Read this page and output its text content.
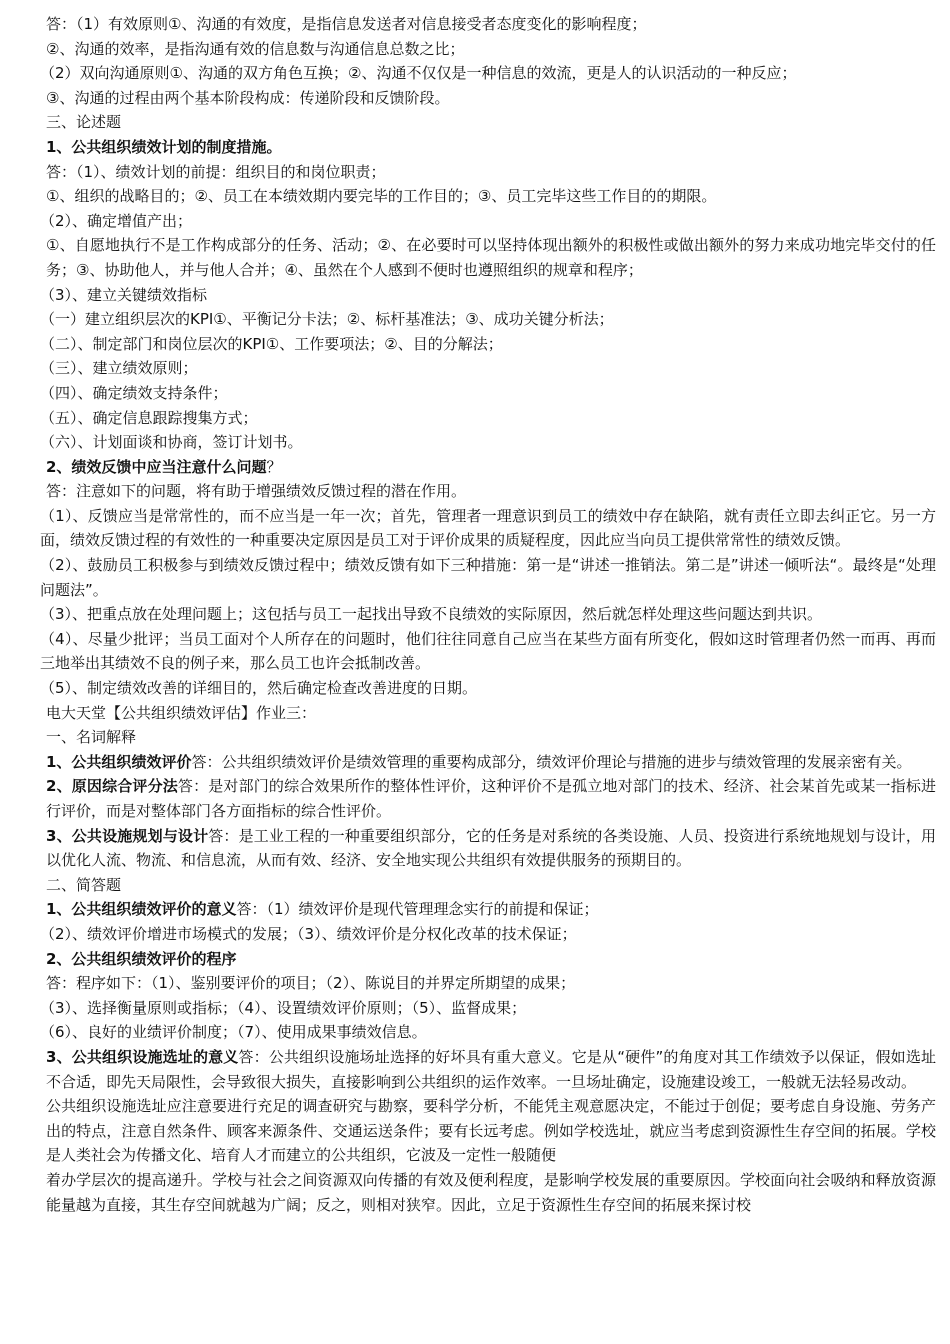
答：（1）有效原则①、沟通的有效度，是指信息发送者对信息接受者态度变化的影响程度；

②、沟通的效率，是指沟通有效的信息数与沟通信息总数之比；

（2）双向沟通原则①、沟通的双方角色互换；②、沟通不仅仅是一种信息的效流，更是人的认识活动的一种反应；

③、沟通的过程由两个基本阶段构成：传递阶段和反馈阶段。

三、论述题

1、公共组织绩效计划的制度措施。

答：（1）、绩效计划的前提：组织目的和岗位职责；

①、组织的战略目的；②、员工在本绩效期内要完毕的工作目的；③、员工完毕这些工作目的的期限。

（2）、确定增值产出；

①、自愿地执行不是工作构成部分的任务、活动；②、在必要时可以坚持体现出额外的积极性或做出额外的努力来成功地完毕交付的任务；③、协助他人，并与他人合并；④、虽然在个人感到不便时也遵照组织的规章和程序；

（3）、建立关键绩效指标

（一）建立组织层次的KPI①、平衡记分卡法；②、标杆基准法；③、成功关键分析法；

（二）、制定部门和岗位层次的KPI①、工作要项法；②、目的分解法；

（三）、建立绩效原则；

（四）、确定绩效支持条件；

（五）、确定信息跟踪搜集方式；

（六）、计划面谈和协商，签订计划书。

2、绩效反馈中应当注意什么问题？

答：注意如下的问题，将有助于增强绩效反馈过程的潜在作用。

（1）、反馈应当是常常性的，而不应当是一年一次；首先，管理者一理意识到员工的绩效中存在缺陷，就有责任立即去纠正它。另一方面，绩效反馈过程的有效性的一种重要决定原因是员工对于评价成果的质疑程度，因此应当向员工提供常常性的绩效反馈。

（2）、鼓励员工积极参与到绩效反馈过程中；绩效反馈有如下三种措施：第一是“讲述一推销法。第二是”讲述一倾听法“。最终是“处理问题法”。

（3）、把重点放在处理问题上；这包括与员工一起找出导致不良绩效的实际原因，然后就怎样处理这些问题达到共识。

（4）、尽量少批评；当员工面对个人所存在的问题时，他们往往同意自己应当在某些方面有所变化，假如这时管理者仍然一而再、再而三地举出其绩效不良的例子来，那么员工也许会抵制改善。

（5）、制定绩效改善的详细目的，然后确定检查改善进度的日期。

电大天堂【公共组织绩效评估】作业三：

一、名词解释

1、公共组织绩效评价答：公共组织绩效评价是绩效管理的重要构成部分，绩效评价理论与措施的进步与绩效管理的发展亲密有关。

2、原因综合评分法答：是对部门的综合效果所作的整体性评价，这种评价不是孤立地对部门的技术、经济、社会某首先或某一指标进行评价，而是对整体部门各方面指标的综合性评价。

3、公共设施规划与设计答：是工业工程的一种重要组织部分，它的任务是对系统的各类设施、人员、投资进行系统地规划与设计，用以优化人流、物流、和信息流，从而有效、经济、安全地实现公共组织有效提供服务的预期目的。

二、简答题

1、公共组织绩效评价的意义答：（1）绩效评价是现代管理理念实行的前提和保证；

（2）、绩效评价增进市场模式的发展；（3）、绩效评价是分权化改革的技术保证；

2、公共组织绩效评价的程序

答：程序如下：（1）、鉴别要评价的项目；（2）、陈说目的并界定所期望的成果；

（3）、选择衡量原则或指标；（4）、设置绩效评价原则；（5）、监督成果；

（6）、良好的业绩评价制度；（7）、使用成果事绩效信息。

3、公共组织设施选址的意义答：公共组织设施场址选择的好坏具有重大意义。它是从“硬件”的角度对其工作绩效予以保证，假如选址不合适，即先天局限性，会导致很大损失，直接影响到公共组织的运作效率。一旦场址确定，设施建设竣工，一般就无法轻易改动。

公共组织设施选址应注意要进行充足的调查研究与勘察，要科学分析，不能凭主观意愿决定，不能过于创促；要考虑自身设施、劳务产出的特点，注意自然条件、顾客来源条件、交通运送条件；要有长远考虑。例如学校选址，就应当考虑到资源性生存空间的拓展。学校是人类社会为传播文化、培育人才而建立的公共组织，它波及一定性一般随便

着办学层次的提高递升。学校与社会之间资源双向传播的有效及便利程度，是影响学校发展的重要原因。学校面向社会吸纳和释放资源能量越为直接，其生存空间就越为广阔；反之，则相对狭窄。因此，立足于资源性生存空间的拓展来探讨校
